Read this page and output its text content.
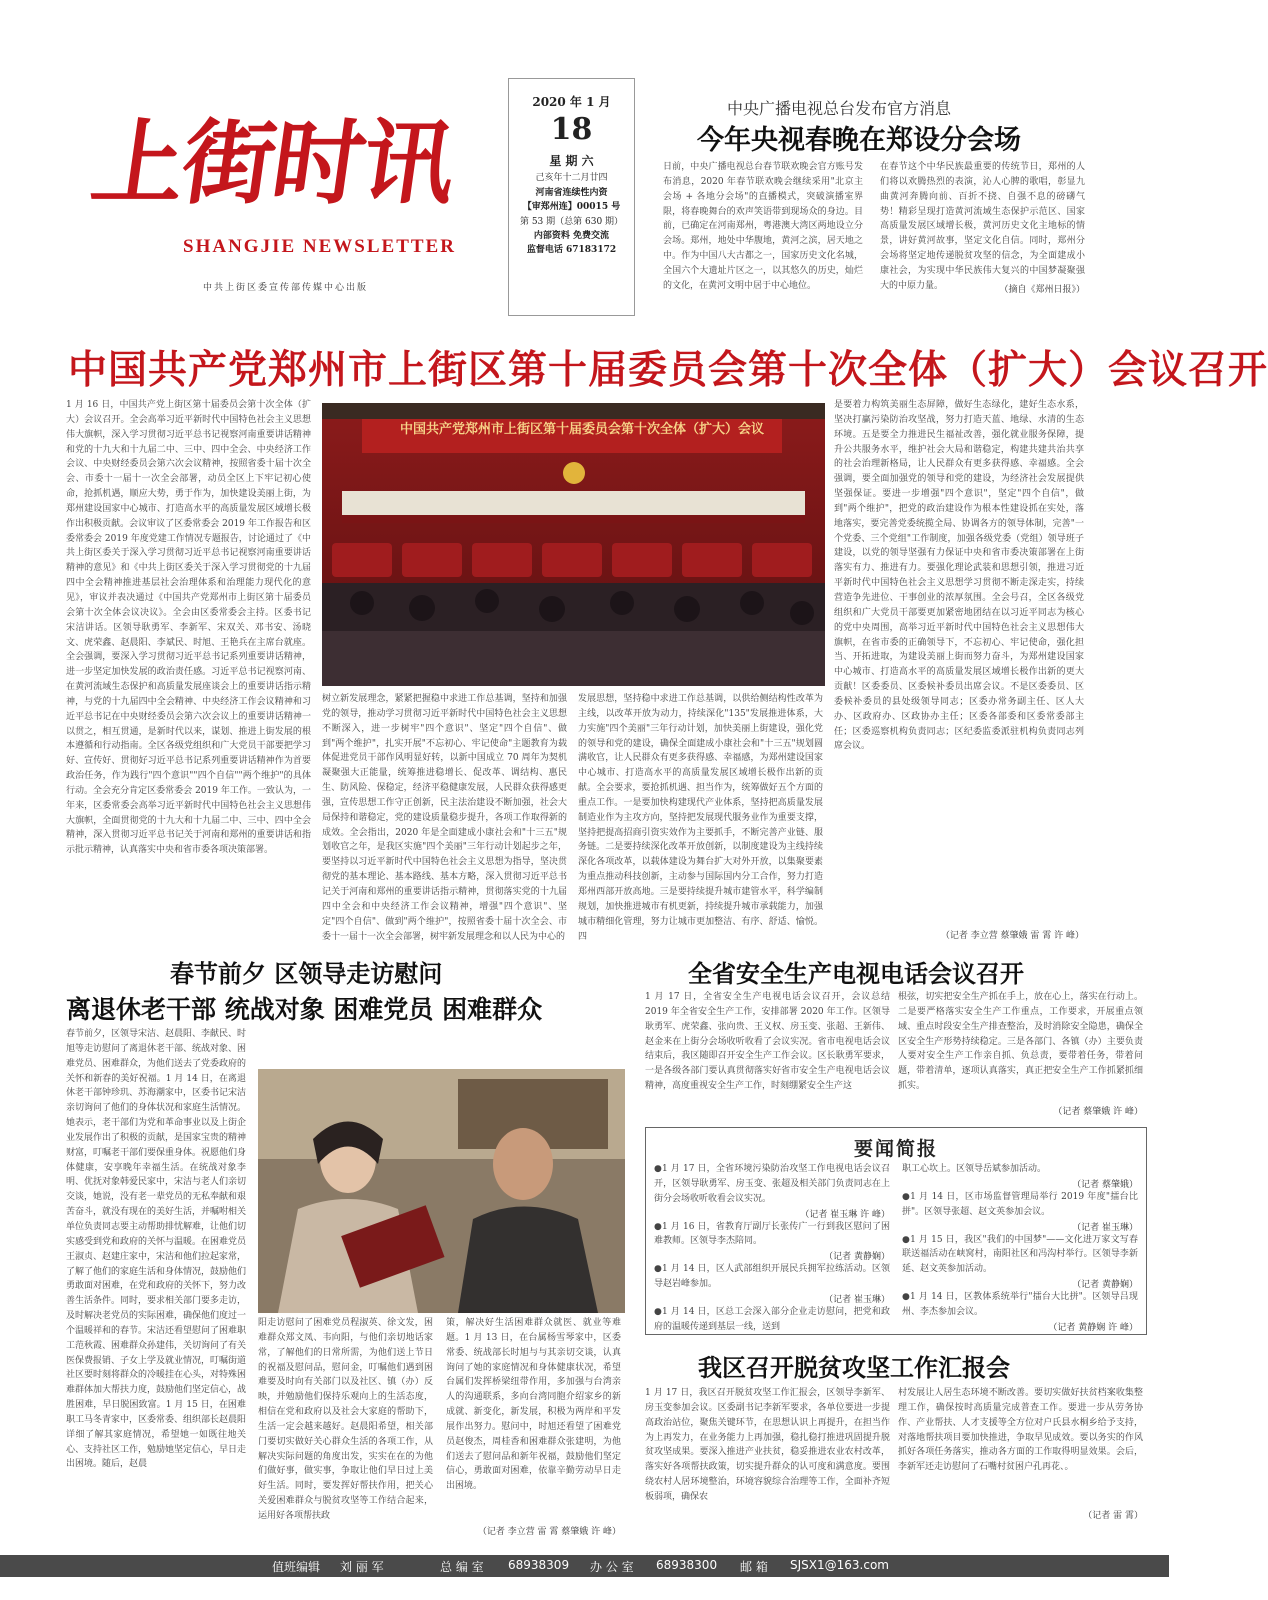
上街时讯
SHANGJIE NEWSLETTER
中共上街区委宣传部传媒中心出版
2020 年 1 月
18
星 期 六
己亥年十二月廿四
河南省连续性内资
【审郑州连】00015 号
第 53 期（总第 630 期）
内部资料 免费交流
监督电话 67183172
中央广播电视总台发布官方消息
今年央视春晚在郑设分会场
日前，中央广播电视总台春节联欢晚会官方账号发布消息，2020 年春节联欢晚会继续采用"北京主会场 + 各地分会场"的直播模式，突破演播室界限，将春晚舞台的欢声笑语带到现场众的身边。目前，已确定在河南郑州，粤港澳大湾区两地设立分会场。郑州，地处中华腹地，黄河之滨，居天地之中。作为中国八大古都之一，国家历史文化名城，全国六个大遗址片区之一，以其悠久的历史，灿烂的文化，在黄河文明中居于中心地位。
在春节这个中华民族最重要的传统节日，郑州的人们将以欢腾热烈的表演，沁人心脾的歌唱，彰显九曲黄河奔腾向前、百折不挠、自强不息的磅礴气势！精彩呈现打造黄河流域生态保护示范区、国家高质量发展区域增长极，黄河历史文化主地标的情景，讲好黄河故事，坚定文化自信。同时，郑州分会场将坚定地传递脱贫攻坚的信念，为全面建成小康社会，为实现中华民族伟大复兴的中国梦凝聚强大的中原力量。	（摘自《郑州日报》）
中国共产党郑州市上街区第十届委员会第十次全体（扩大）会议召开
1 月 16 日，中国共产党上街区第十届委员会第十次全体（扩大）会议召开。全会高举习近平新时代中国特色社会主义思想伟大旗帜，深入学习贯彻习近平总书记视察河南重要讲话精神和党的十九大和十九届二中、三中、四中全会、中央经济工作会议、中央财经委员会第六次会议精神，按照省委十届十次全会、市委十一届十一次全会部署，动员全区上下牢记初心使命，抢抓机遇，顺应大势，勇于作为，加快建设美丽上街，为郑州建设国家中心城市、打造高水平的高质量发展区域增长极作出积极贡献。会议审议了区委常委会 2019 年工作报告和区委常委会 2019 年度党建工作情况专题报告，讨论通过了《中共上街区委关于深入学习贯彻习近平总书记视察河南重要讲话精神的意见》和《中共上街区委关于深入学习贯彻党的十九届四中全会精神推进基层社会治理体系和治理能力现代化的意见》，审议并表决通过《中国共产党郑州市上街区第十届委员会第十次全体会议决议》。全会由区委常委会主持。区委书记宋洁讲话。区领导耿勇军、李新军、宋双关、邓书安、汤晓文、虎荣鑫、赵晨阳、李斌民、时旭、王艳兵在主席台就座。全会强调，要深入学习贯彻习近平总书记系列重要讲话精神，进一步坚定加快发展的政治责任感。习近平总书记视察河南、在黄河流域生态保护和高质量发展座谈会上的重要讲话指示精神，与党的十九届四中全会精神、中央经济工作会议精神和习近平总书记在中央财经委员会第六次会议上的重要讲话精神一以贯之，相互贯通，是新时代以来，谋划、推进上街发展的根本遵循和行动指南。全区各级党组织和广大党员干部要把学习好、宣传好、贯彻好习近平总书记系列重要讲话精神作为首要政治任务，作为践行"四个意识""四个自信""两个维护"的具体行动。全会充分肯定区委常委会 2019 年工作。一致认为，一年来，区委常委会高举习近平新时代中国特色社会主义思想伟大旗帜，全面贯彻党的十九大和十九届二中、三中、四中全会精神，深入贯彻习近平总书记关于河南和郑州的重要讲话和指示批示精神，认真落实中央和省市委各项决策部署。
中国共产党郑州市上街区第十届委员会第十次全体（扩大）会议
树立新发展理念，紧紧把握稳中求进工作总基调，坚持和加强党的领导，推动学习贯彻习近平新时代中国特色社会主义思想不断深入，进一步树牢"四个意识"、坚定"四个自信"、做到"两个维护"，扎实开展"不忘初心、牢记使命"主题教育为载体促进党员干部作风明显好转，以新中国成立 70 周年为契机凝聚强大正能量，统筹推进稳增长、促改革、调结构、惠民生、防风险、保稳定，经济平稳健康发展，人民群众获得感更强，宣传思想工作守正创新，民主法治建设不断加强，社会大局保持和谐稳定，党的建设质量稳步提升，各项工作取得新的成效。全会指出，2020 年是全面建成小康社会和"十三五"规划收官之年，是我区实施"四个美丽"三年行动计划起步之年，要坚持以习近平新时代中国特色社会主义思想为指导，坚决贯彻党的基本理论、基本路线、基本方略，深入贯彻习近平总书记关于河南和郑州的重要讲话指示精神，贯彻落实党的十九届四中全会和中央经济工作会议精神，增强"四个意识"、坚定"四个自信"、做到"两个维护"，按照省委十届十次全会、市委十一届十一次全会部署，树牢新发展理念和以人民为中心的
发展思想，坚持稳中求进工作总基调，以供给侧结构性改革为主线，以改革开放为动力，持续深化"135"发展推进体系，大力实施"四个美丽"三年行动计划，加快美丽上街建设，强化党的领导和党的建设，确保全面建成小康社会和"十三五"规划圆满收官，让人民群众有更多获得感、幸福感，为郑州建设国家中心城市、打造高水平的高质量发展区域增长极作出新的贡献。全会要求，要抢抓机遇、担当作为，统筹做好五个方面的重点工作。一是要加快构建现代产业体系，坚持把高质量发展制造业作为主攻方向，坚持把发展现代服务业作为重要支撑，坚持把提高招商引资实效作为主要抓手，不断完善产业链、服务链。二是要持续深化改革开放创新，以制度建设为主线持续深化各项改革，以载体建设为舞台扩大对外开放，以集聚要素为重点推动科技创新，主动参与国际国内分工合作，努力打造郑州西部开放高地。三是要持续提升城市建管水平，科学编制规划，加快推进城市有机更新，持续提升城市承载能力，加强城市精细化管理，努力让城市更加整洁、有序、舒适、愉悦。四
是要着力构筑美丽生态屏障，做好生态绿化，建好生态水系，坚决打赢污染防治攻坚战，努力打造天蓝、地绿、水清的生态环境。五是要全力推进民生福祉改善，强化就业服务保障，提升公共服务水平，维护社会大局和谐稳定，构建共建共治共享的社会治理新格局，让人民群众有更多获得感、幸福感。全会强调，要全面加强党的领导和党的建设，为经济社会发展提供坚强保证。要进一步增强"四个意识"，坚定"四个自信"，做到"两个维护"，把党的政治建设作为根本性建设抓在实处，落地落实，要完善党委统揽全局、协调各方的领导体制，完善"一个党委、三个党组"工作制度，加强各级党委（党组）领导班子建设，以党的领导坚强有力保证中央和省市委决策部署在上街落实有力、推进有力。要强化理论武装和思想引领，推进习近平新时代中国特色社会主义思想学习贯彻不断走深走实，持续营造争先进位、干事创业的浓厚氛围。全会号召，全区各级党组织和广大党员干部要更加紧密地团结在以习近平同志为核心的党中央周围，高举习近平新时代中国特色社会主义思想伟大旗帜，在省市委的正确领导下，不忘初心、牢记使命，强化担当、开拓进取，为建设美丽上街而努力奋斗，为郑州建设国家中心城市、打造高水平的高质量发展区域增长极作出新的更大贡献！区委委员、区委候补委员出席会议。不是区委委员、区委候补委员的县处级领导同志；区委办常务副主任、区人大办、区政府办、区政协办主任；区委各部委和区委常委部主任；区委巡察机构负责同志；区纪委监委派驻机构负责同志列席会议。
（记者 李立营 蔡肇娥 雷 霄 许 峰）
春节前夕 区领导走访慰问
离退休老干部 统战对象 困难党员 困难群众
春节前夕，区领导宋洁、赵晨阳、李献民、时旭等走访慰问了离退休老干部、统战对象、困难党员、困难群众，为他们送去了党委政府的关怀和新春的美好祝福。1 月 14 日，在离退休老干部钟珍玑、苏海潮家中，区委书记宋洁亲切询问了他们的身体状况和家庭生活情况。她表示，老干部们为党和革命事业以及上街企业发展作出了积极的贡献，是国家宝贵的精神财富，叮嘱老干部们要保重身体。祝愿他们身体健康，安享晚年幸福生活。在统战对象李明、优抚对象韩爱民家中，宋洁与老人们亲切交谈，她说，没有老一辈党员的无私奉献和艰苦奋斗，就没有现在的美好生活，并嘱咐相关单位负责同志要主动帮助排忧解难，让他们切实感受到党和政府的关怀与温暖。在困难党员王淑贞、赵建庄家中，宋洁和他们拉起家常，了解了他们的家庭生活和身体情况，鼓励他们勇敢面对困难，在党和政府的关怀下，努力改善生活条件。同时，要求相关部门要多走访，及时解决老党员的实际困难，确保他们度过一个温暖祥和的春节。宋洁还看望慰问了困难职工范秋霞、困难群众孙建伟，关切询问了有关医保费报销、子女上学及就业情况，叮嘱街道社区要时刻将群众的冷暖挂在心头，对特殊困难群体加大帮扶力度，鼓励他们坚定信心，战胜困难，早日脱困致富。1 月 15 日，在困难职工马冬青家中，区委常委、组织部长赵晨阳详细了解其家庭情况，希望她一如既往地关心、支持社区工作，勉励她坚定信心，早日走出困境。随后，赵晨
阳走访慰问了困难党员程淑英、徐文发，困难群众郑文凤、韦向阳，与他们亲切地话家常，了解他们的日常所需，为他们送上节日的祝福及慰问品，慰问金，叮嘱他们遇到困难要及时向有关部门以及社区、镇（办）反映，并勉励他们保持乐观向上的生活态度，相信在党和政府以及社会大家庭的帮助下，生活一定会越来越好。赵晨阳希望，相关部门要切实做好关心群众生活的各项工作，从解决实际问题的角度出发，实实在在的为他们做好事，做实事，争取让他们早日过上美好生活。同时，要发挥好帮扶作用，把关心关爱困难群众与脱贫攻坚等工作结合起来，运用好各项帮扶政
策，解决好生活困难群众就医、就业等难题。1 月 13 日，在台属杨雪琴家中，区委常委、统战部长时旭与与其亲切交谈，认真询问了她的家庭情况和身体健康状况，希望台属们发挥桥梁纽带作用，多加强与台湾亲人的沟通联系，多向台湾同胞介绍家乡的新成就、新变化，新发展，积极为两岸和平发展作出努力。慰问中，时旭还看望了困难党员赵俊杰，周桂香和困难群众张建明，为他们送去了慰问品和新年祝福，鼓励他们坚定信心，勇敢面对困难，依靠辛勤劳动早日走出困境。
（记者 李立营 雷 霄 蔡肇娥 许 峰）
全省安全生产电视电话会议召开
1 月 17 日，全省安全生产电视电话会议召开，会议总结 2019 年全省安全生产工作，安排部署 2020 年工作。区领导耿勇军、虎荣鑫、张向贵、王义权、房玉变、张超、王新伟、赵金来在上街分会场收听收看了会议实况。省市电视电话会议结束后，我区随即召开安全生产工作会议。区长耿勇军要求，一是各级各部门要认真贯彻落实好省市安全生产电视电话会议精神，高度重视安全生产工作，时刻绷紧安全生产这
根弦，切实把安全生产抓在手上，放在心上，落实在行动上。二是要严格落实安全生产工作重点，工作要求，开展重点领域、重点时段安全生产排查整治，及时消除安全隐患，确保全区安全生产形势持续稳定。三是各部门、各镇（办）主要负责人要对安全生产工作亲自抓、负总责，要带着任务，带着问题，带着清单，逐项认真落实，真正把安全生产工作抓紧抓细抓实。
（记者 蔡肇娥 许 峰）
要闻简报
●1 月 17 日，全省环境污染防治攻坚工作电视电话会议召开，区领导耿勇军、房玉变、张超及相关部门负责同志在上街分会场收听收看会议实况。
（记者 崔玉琳 许 峰）
●1 月 16 日，省教育厅副厅长张传广一行到我区慰问了困难教师。区领导李杰陪同。
（记者 黄静娴）
●1 月 14 日，区人武部组织开展民兵拥军拉练活动。区领导赵岩峰参加。
（记者 崔玉琳）
●1 月 14 日，区总工会深入部分企业走访慰问，把党和政府的温暖传递到基层一线，送到
职工心坎上。区领导岳斌参加活动。
（记者 蔡肇娥）
●1 月 14 日，区市场监督管理局举行 2019 年度"擂台比拼"。区领导张超、赵文英参加会议。
（记者 崔玉琳）
●1 月 15 日，我区"我们的中国梦"——文化进万家文写春联送福活动在峡窝村，南阳社区和冯沟村举行。区领导李新延、赵文英参加活动。
（记者 黄静娴）
●1 月 14 日，区教体系统举行"擂台大比拼"。区领导吕现州、李杰参加会议。
（记者 黄静娴 许 峰）
我区召开脱贫攻坚工作汇报会
1 月 17 日，我区召开脱贫攻坚工作汇报会，区领导李新军、房玉变参加会议。区委副书记李新军要求，各单位要进一步提高政治站位，聚焦关键环节，在思想认识上再提升，在担当作为上再发力，在业务能力上再加强，稳扎稳打推进巩固提升脱贫攻坚成果。要深入推进产业扶贫，稳妥推进农业农村改革，落实好各项帮扶政策，切实提升群众的认可度和满意度。要围绕农村人居环境整治，环境容貌综合治理等工作，全面补齐短板弱项，确保农
村发展让人居生态环境不断改善。要切实做好扶贫档案收集整理工作，确保按时高质量完成普查工作。要进一步从劳务协作、产业帮扶、人才支援等全方位对户氏县水桐乡给予支持，对落地帮扶项目要加快推进，争取早见成效。要以务实的作风抓好各项任务落实，推动各方面的工作取得明显效果。会后，李新军还走访慰问了石嘴村贫困户孔再花、。
（记者 雷 霄）
值班编辑 刘 丽 军	总 编 室 68938309 办 公 室 68938300 邮 箱 SJSX1@163.com
